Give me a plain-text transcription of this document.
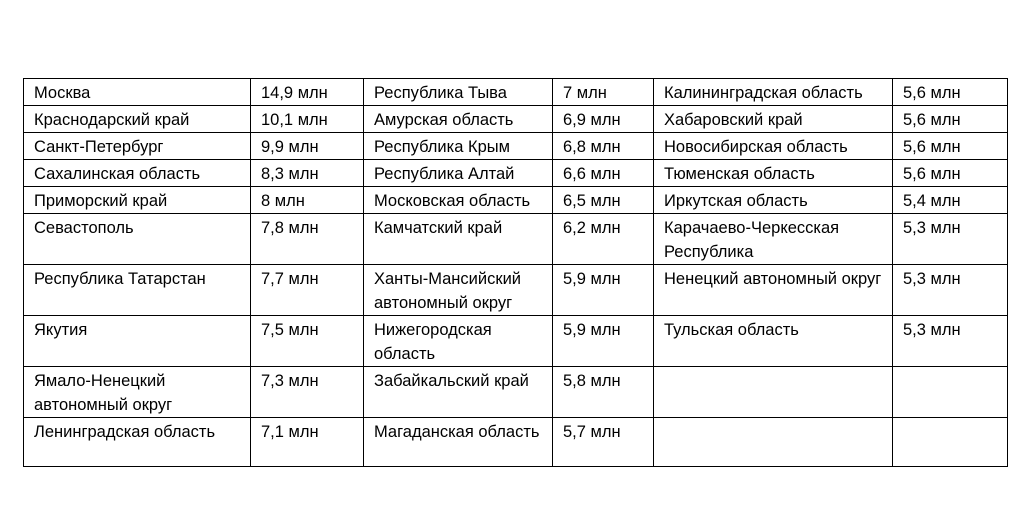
Москва	14,9 млн	Республика Тыва	7 млн	Калининградская область	5,6 млн
Краснодарский край	10,1 млн	Амурская область	6,9 млн	Хабаровский край	5,6 млн
Санкт-Петербург	9,9 млн	Республика Крым	6,8 млн	Новосибирская область	5,6 млн
Сахалинская область	8,3 млн	Республика Алтай	6,6 млн	Тюменская область	5,6 млн
Приморский край	8 млн	Московская область	6,5 млн	Иркутская область	5,4 млн
Севастополь	7,8 млн	Камчатский край	6,2 млн	Карачаево-Черкесская Республика	5,3 млн
Республика Татарстан	7,7 млн	Ханты-Мансийский автономный округ	5,9 млн	Ненецкий автономный округ	5,3 млн
Якутия	7,5 млн	Нижегородская область	5,9 млн	Тульская область	5,3 млн
Ямало-Ненецкий автономный округ	7,3 млн	Забайкальский край	5,8 млн		
Ленинградская область	7,1 млн	Магаданская область	5,7 млн		
